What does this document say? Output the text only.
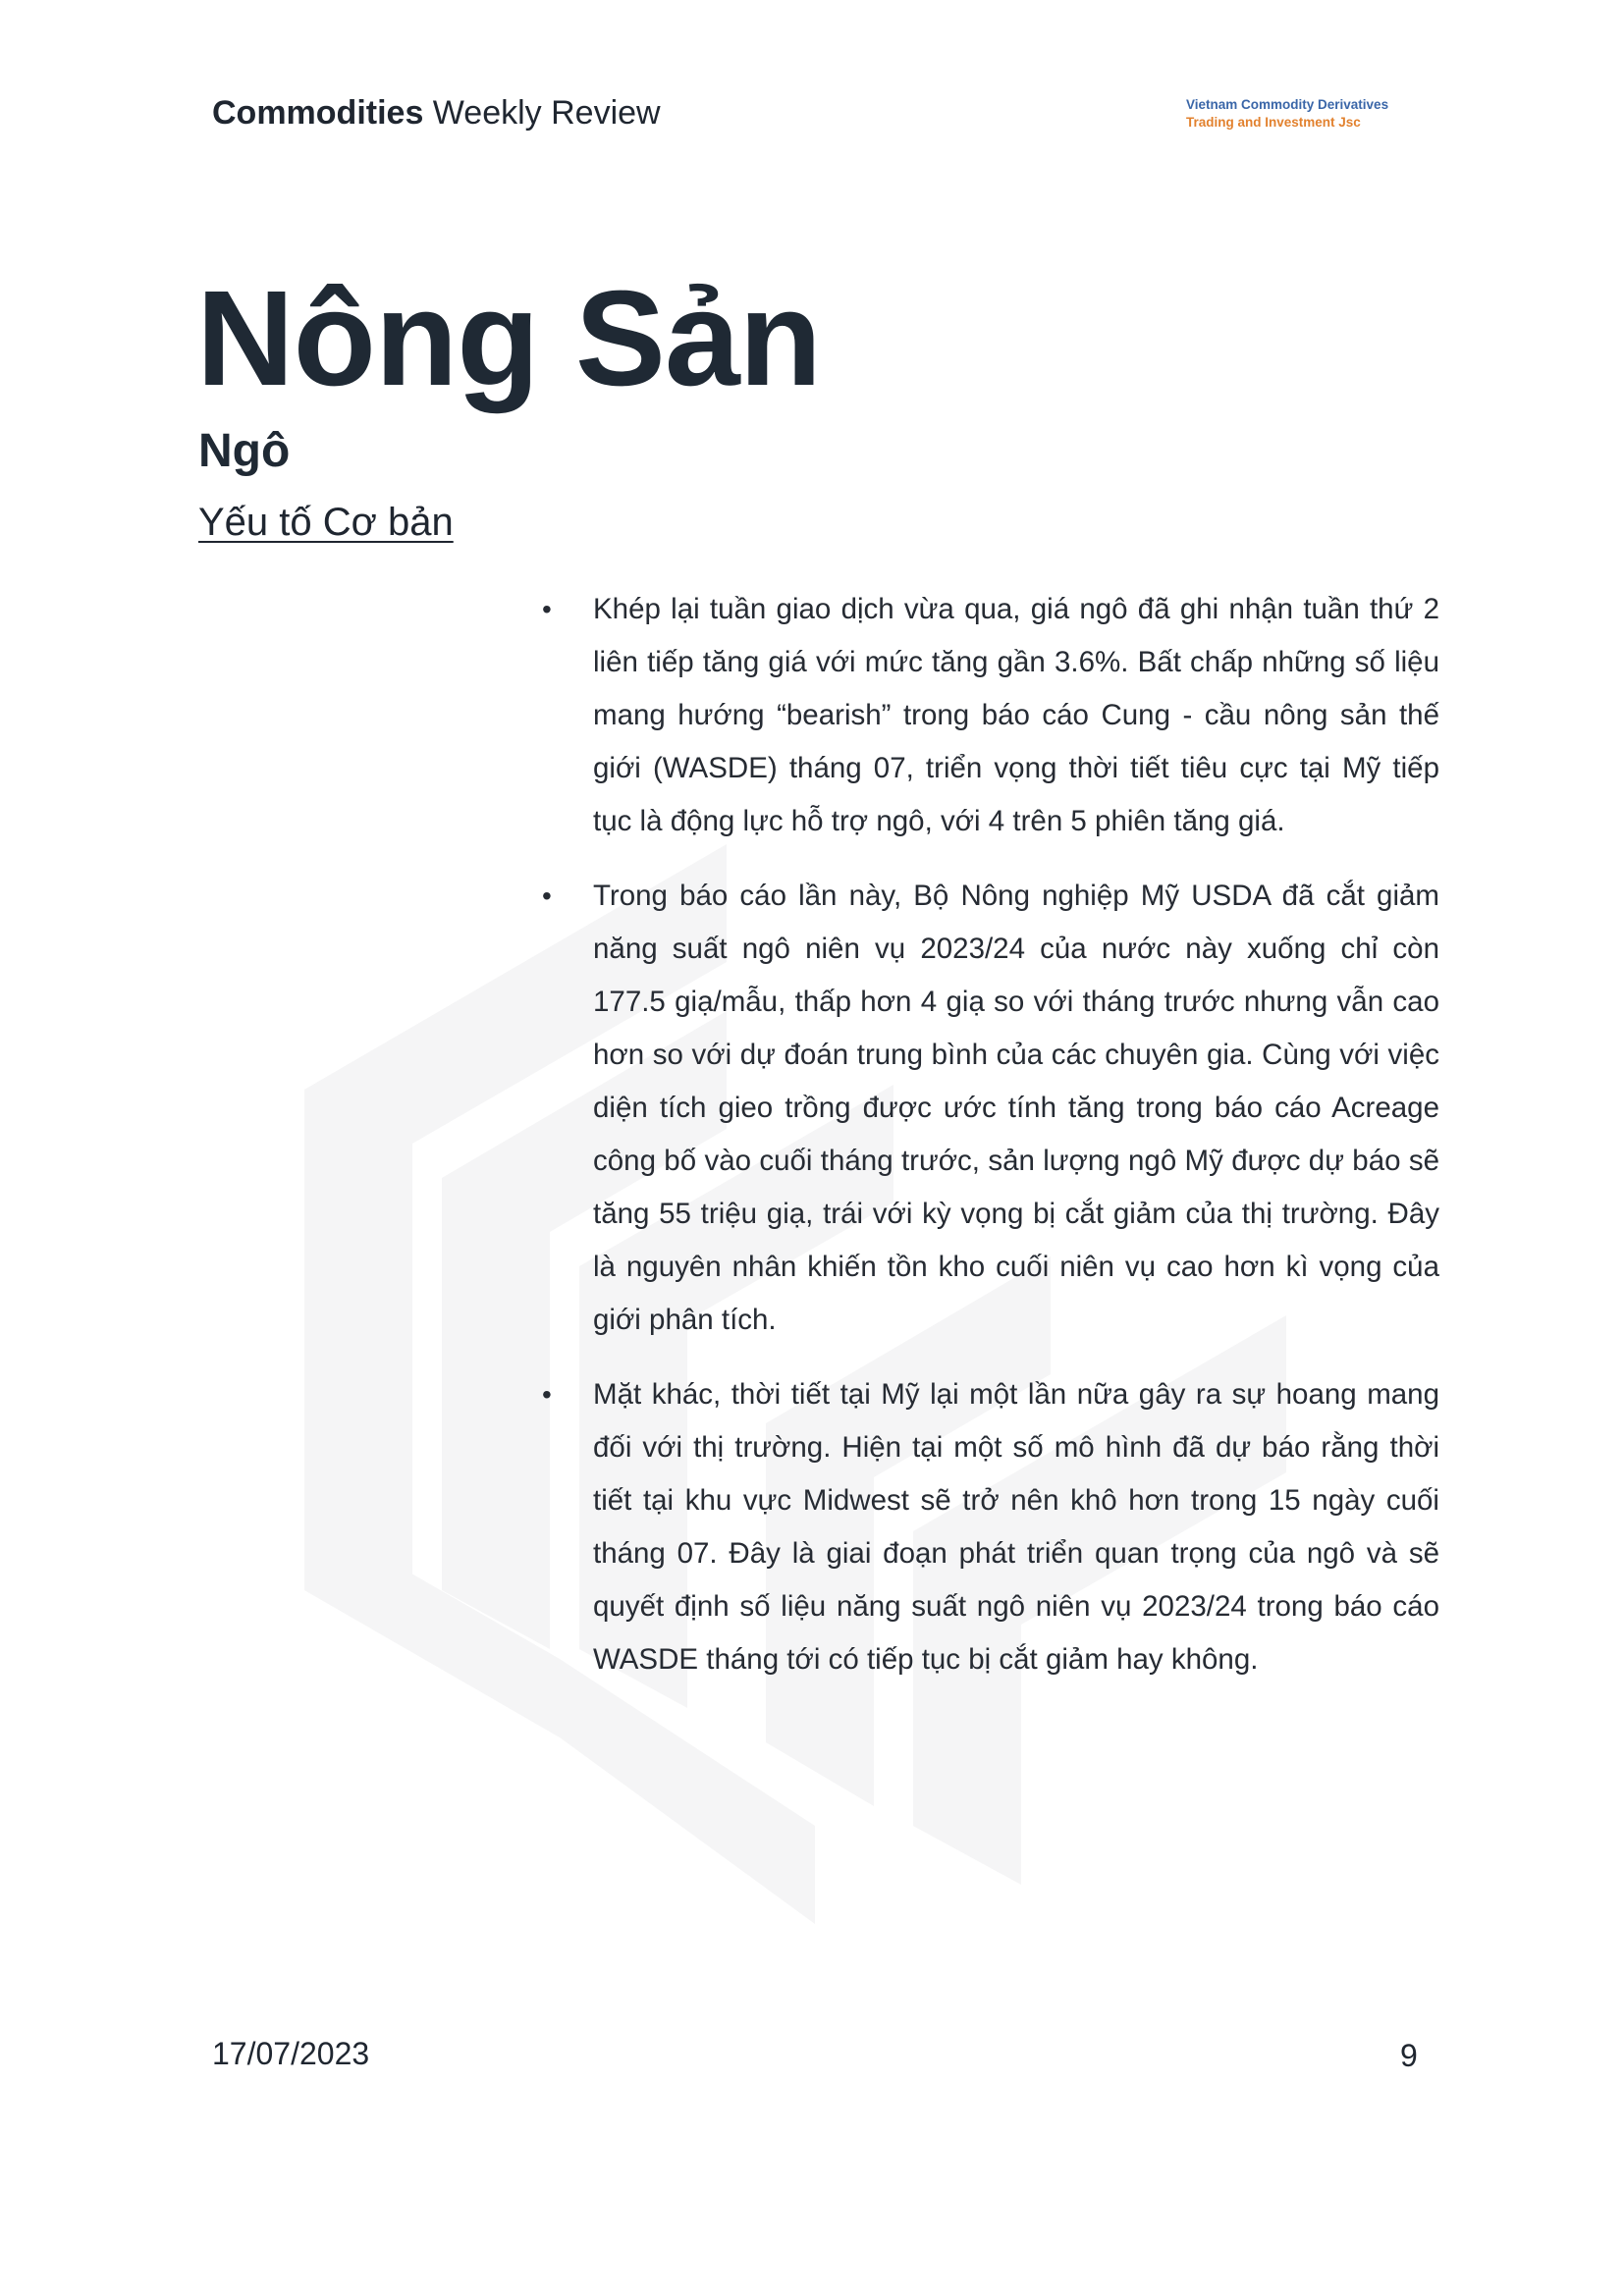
Commodities Weekly Review	Vietnam Commodity Derivatives
Trading and Investment Jsc
Nông Sản
Ngô
Yếu tố Cơ bản
• Khép lại tuần giao dịch vừa qua, giá ngô đã ghi nhận tuần thứ 2 liên tiếp tăng giá với mức tăng gần 3.6%. Bất chấp những số liệu mang hướng “bearish” trong báo cáo Cung - cầu nông sản thế giới (WASDE) tháng 07, triển vọng thời tiết tiêu cực tại Mỹ tiếp tục là động lực hỗ trợ ngô, với 4 trên 5 phiên tăng giá.
• Trong báo cáo lần này, Bộ Nông nghiệp Mỹ USDA đã cắt giảm năng suất ngô niên vụ 2023/24 của nước này xuống chỉ còn 177.5 giạ/mẫu, thấp hơn 4 giạ so với tháng trước nhưng vẫn cao hơn so với dự đoán trung bình của các chuyên gia. Cùng với việc diện tích gieo trồng được ước tính tăng trong báo cáo Acreage công bố vào cuối tháng trước, sản lượng ngô Mỹ được dự báo sẽ tăng 55 triệu giạ, trái với kỳ vọng bị cắt giảm của thị trường. Đây là nguyên nhân khiến tồn kho cuối niên vụ cao hơn kì vọng của giới phân tích.
• Mặt khác, thời tiết tại Mỹ lại một lần nữa gây ra sự hoang mang đối với thị trường. Hiện tại một số mô hình đã dự báo rằng thời tiết tại khu vực Midwest sẽ trở nên khô hơn trong 15 ngày cuối tháng 07. Đây là giai đoạn phát triển quan trọng của ngô và sẽ quyết định số liệu năng suất ngô niên vụ 2023/24 trong báo cáo WASDE tháng tới có tiếp tục bị cắt giảm hay không.
17/07/2023	9
